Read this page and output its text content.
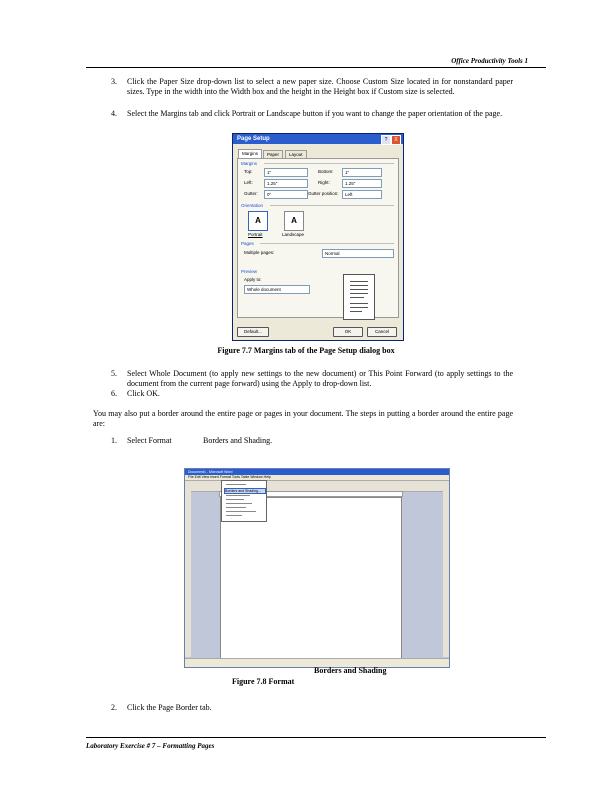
Office Productivity Tools 1
3. Click the Paper Size drop-down list to select a new paper size. Choose Custom Size located in for nonstandard paper sizes. Type in the width into the Width box and the height in the Height box if Custom size is selected.
4. Select the Margins tab and click Portrait or Landscape button if you want to change the paper orientation of the page.
Page Setup	?	X
Margins	Paper	Layout
Margins
Top:	1"	Bottom:	1"
Left:	1.25"	Right:	1.25"
Gutter:	0"	Gutter position:	Left
Orientation
A
Portrait
A
Landscape
Pages
Multiple pages:	Normal
Preview
Apply to:
Whole document
Default...	OK	Cancel
Figure 7.7 Margins tab of the Page Setup dialog box
5. Select Whole Document (to apply new settings to the new document) or This Point Forward (to apply settings to the document from the current page forward) using the Apply to drop-down list.
6. Click OK.
You may also put a border around the entire page or pages in your document. The steps in putting a border around the entire page are:
1. Select Format	Borders and Shading.
Document1 - Microsoft Word
File Edit View Insert Format Tools Table Window Help
Borders and Shading...
Figure 7.8 Format
Borders and Shading
2. Click the Page Border tab.
Laboratory Exercise # 7 – Formatting Pages
